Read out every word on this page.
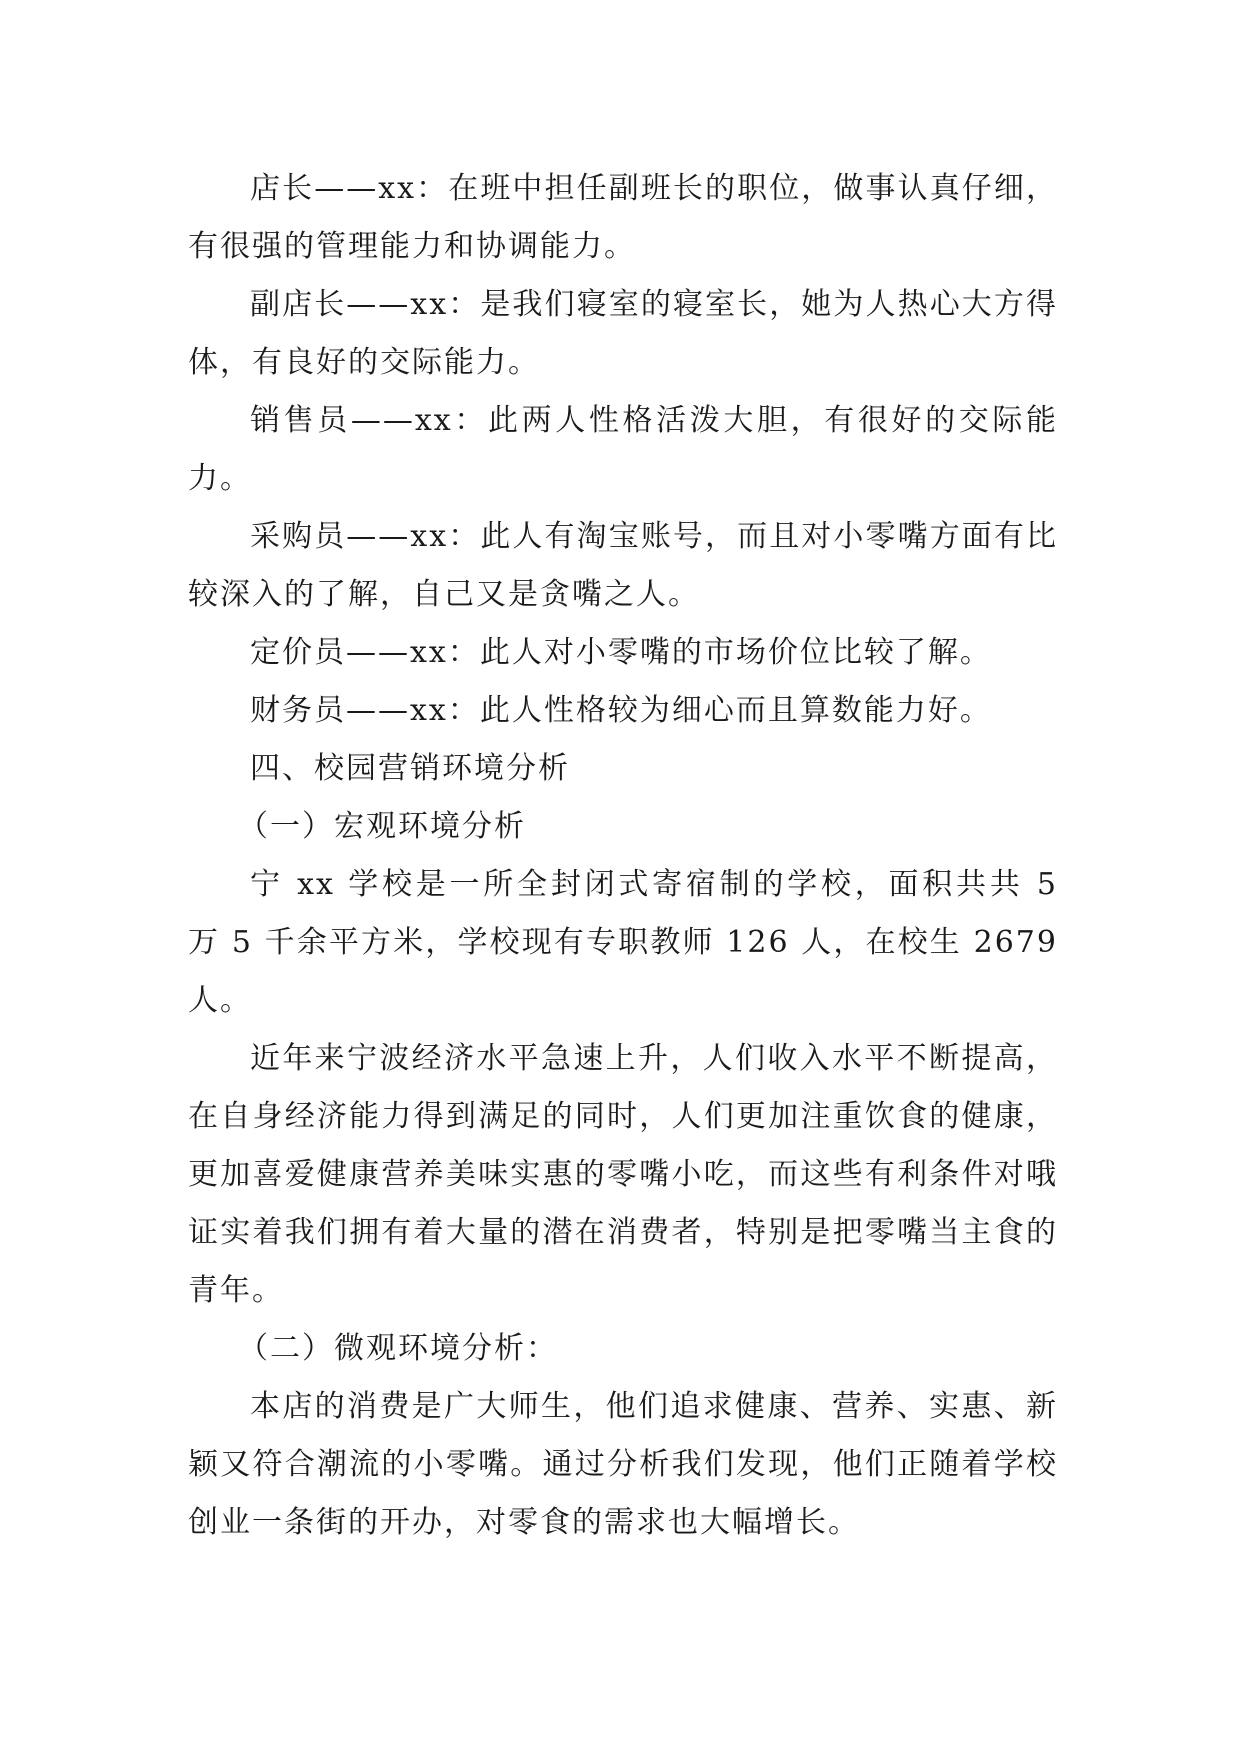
店长——xx：在班中担任副班长的职位，做事认真仔细，有很强的管理能力和协调能力。

副店长——xx：是我们寝室的寝室长，她为人热心大方得体，有良好的交际能力。

销售员——xx：此两人性格活泼大胆，有很好的交际能力。

采购员——xx：此人有淘宝账号，而且对小零嘴方面有比较深入的了解，自己又是贪嘴之人。

定价员——xx：此人对小零嘴的市场价位比较了解。

财务员——xx：此人性格较为细心而且算数能力好。

四、校园营销环境分析

（一）宏观环境分析

宁 xx 学校是一所全封闭式寄宿制的学校，面积共共 5 万 5 千余平方米，学校现有专职教师 126 人，在校生 2679 人。

近年来宁波经济水平急速上升，人们收入水平不断提高，在自身经济能力得到满足的同时，人们更加注重饮食的健康，更加喜爱健康营养美味实惠的零嘴小吃，而这些有利条件对哦证实着我们拥有着大量的潜在消费者，特别是把零嘴当主食的青年。

（二）微观环境分析：

本店的消费是广大师生，他们追求健康、营养、实惠、新颖又符合潮流的小零嘴。通过分析我们发现，他们正随着学校创业一条街的开办，对零食的需求也大幅增长。
